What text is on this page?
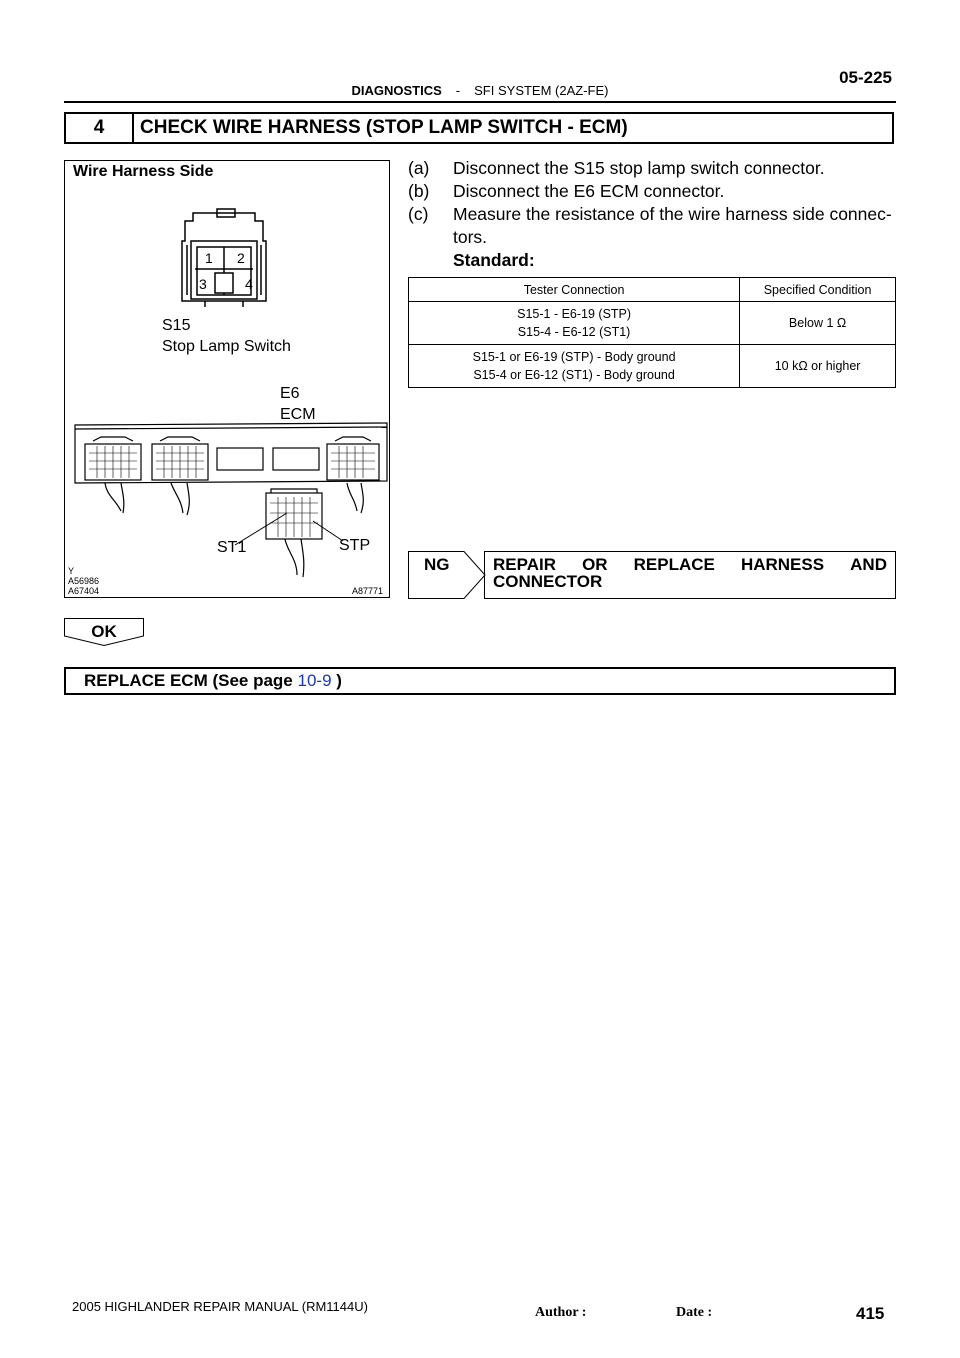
05-225
DIAGNOSTICS - SFI SYSTEM (2AZ-FE)
4	CHECK WIRE HARNESS (STOP LAMP SWITCH - ECM)
Wire Harness Side
1 2
3	4
S15
Stop Lamp Switch
E6
ECM
ST1	STP
Y
A56986
A67404	A87771
(a)	Disconnect the S15 stop lamp switch connector.
(b)	Disconnect the E6 ECM connector.
(c)	Measure the resistance of the wire harness side connec-
tors.
Standard:
Tester Connection	Specified Condition

S15-1 - E6-19 (STP)
S15-4 - E6-12 (ST1)	Below 1 Ω

S15-1 or E6-19 (STP) - Body ground
S15-4 or E6-12 (ST1) - Body ground	10 kΩ or higher
NG	REPAIR OR REPLACE HARNESS AND
CONNECTOR
OK
REPLACE ECM (See page 10-9 )
2005 HIGHLANDER REPAIR MANUAL (RM1144U)	Author :	Date :	415
